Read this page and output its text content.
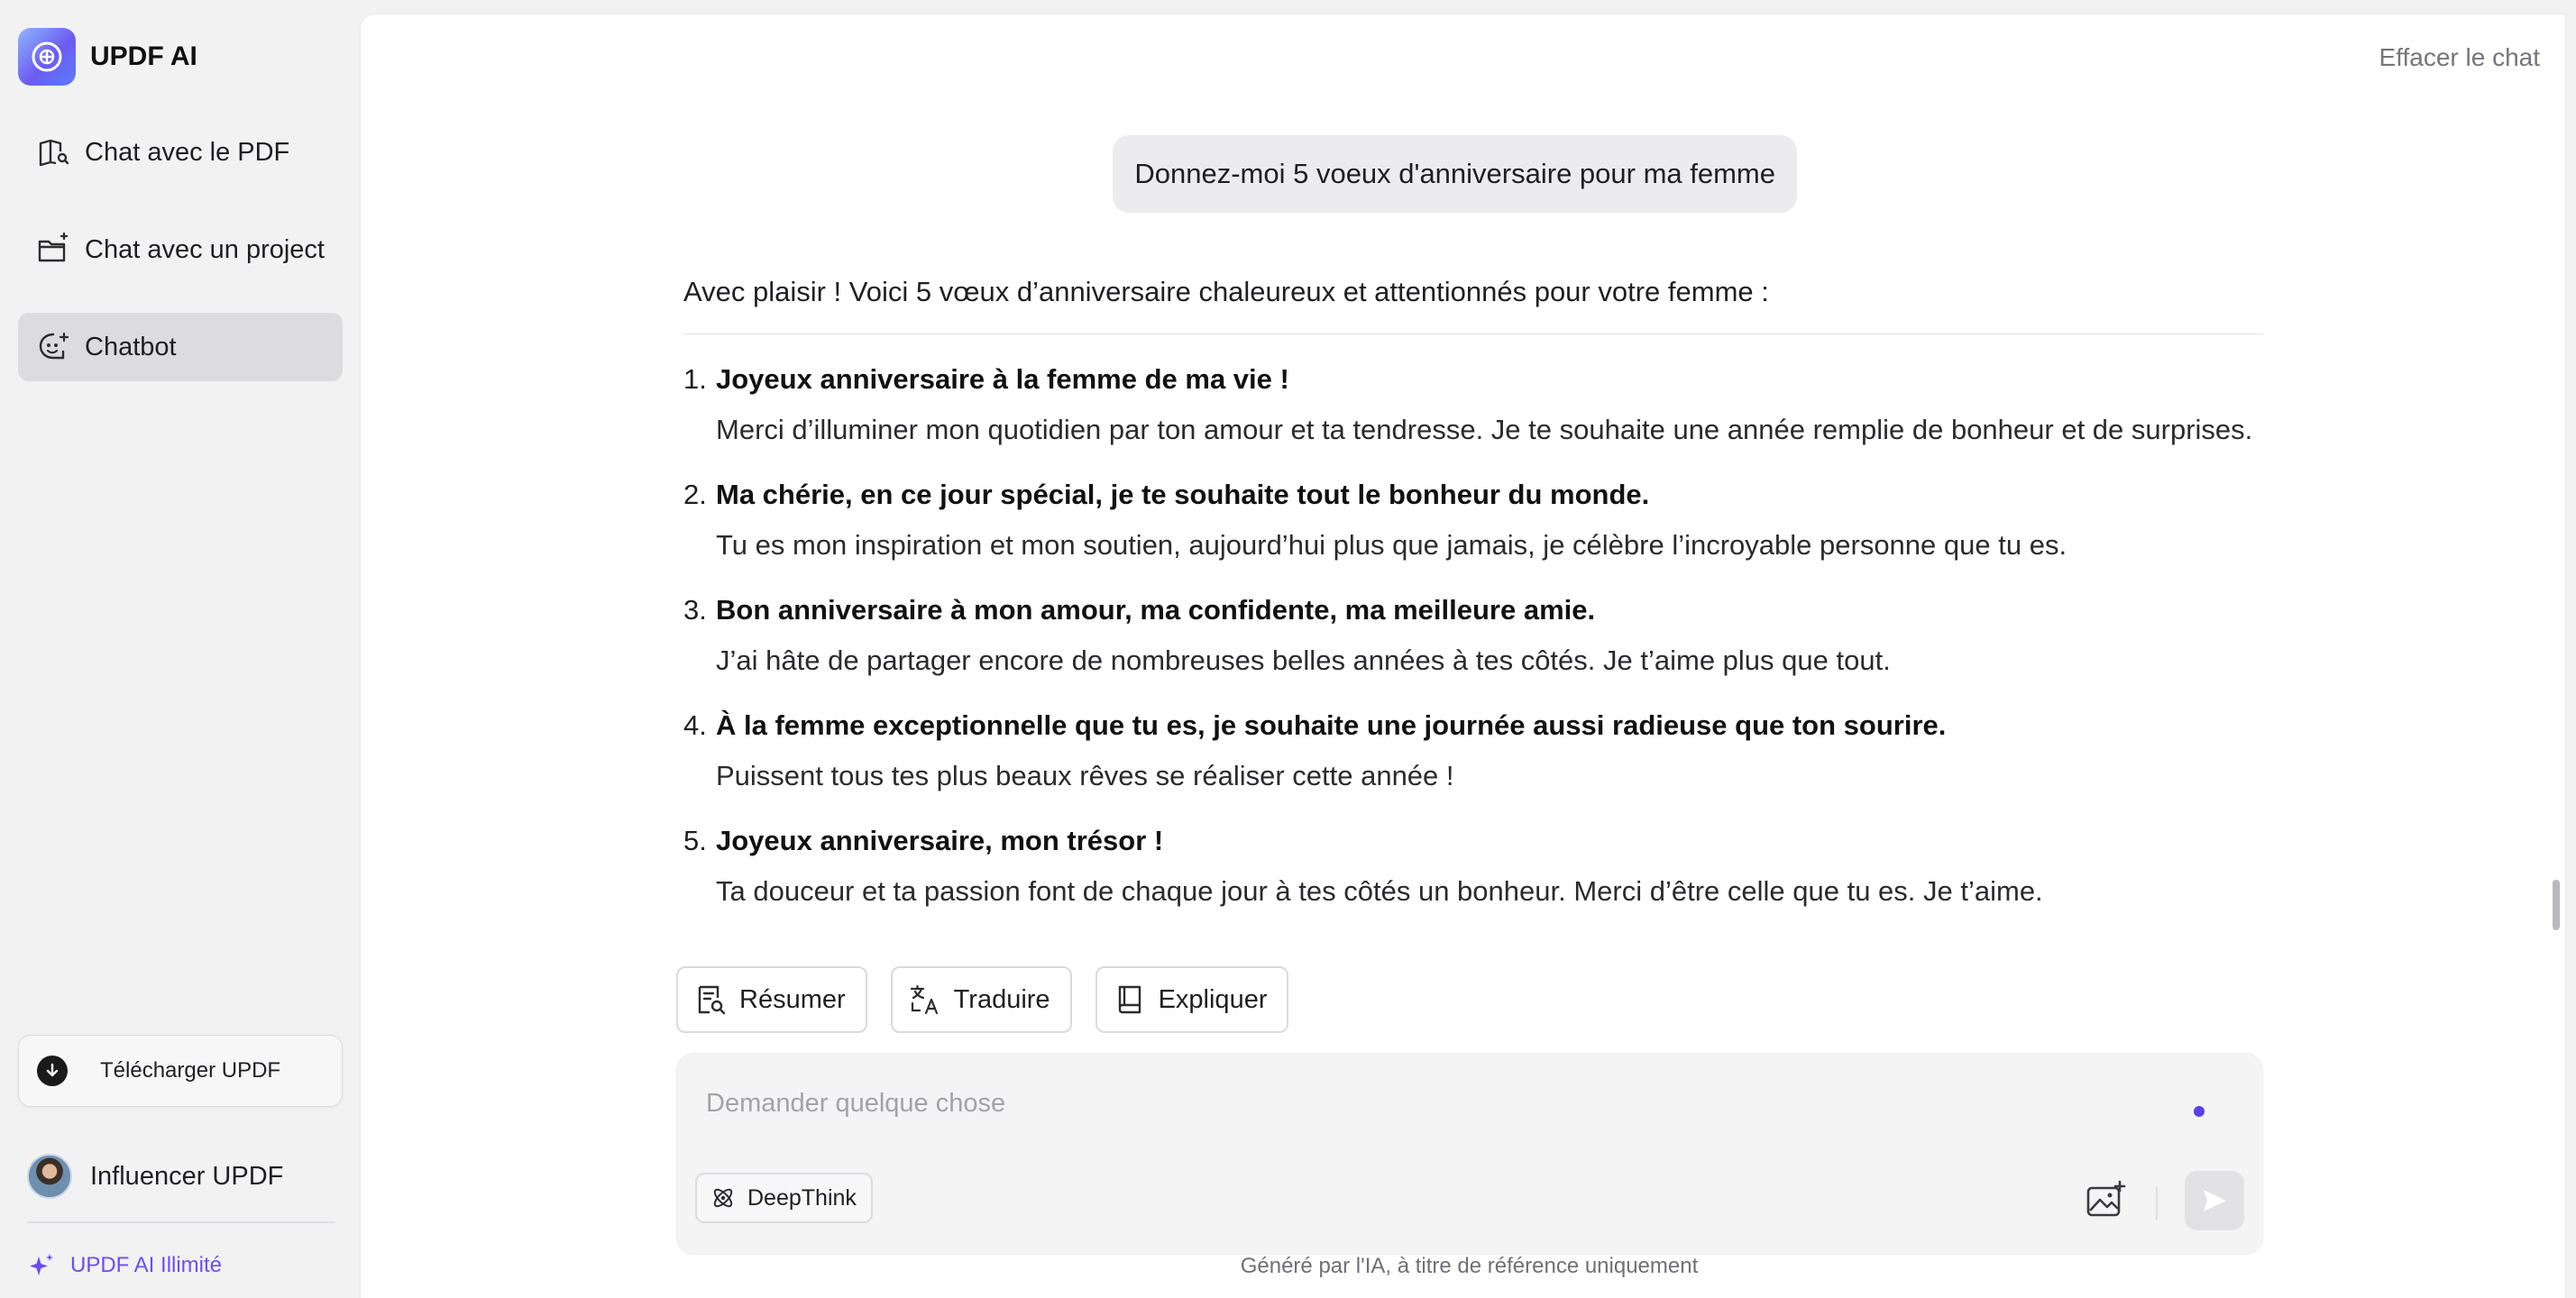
UPDF AI
Chat avec le PDF
Chat avec un project
Chatbot
Télécharger UPDF
Influencer UPDF
UPDF AI Illimité
Effacer le chat
Donnez-moi 5 voeux d'anniversaire pour ma femme

Avec plaisir ! Voici 5 vœux d’anniversaire chaleureux et attentionnés pour votre femme :

1. Joyeux anniversaire à la femme de ma vie !
Merci d’illuminer mon quotidien par ton amour et ta tendresse. Je te souhaite une année remplie de bonheur et de surprises.
2. Ma chérie, en ce jour spécial, je te souhaite tout le bonheur du monde.
Tu es mon inspiration et mon soutien, aujourd’hui plus que jamais, je célèbre l’incroyable personne que tu es.
3. Bon anniversaire à mon amour, ma confidente, ma meilleure amie.
J’ai hâte de partager encore de nombreuses belles années à tes côtés. Je t’aime plus que tout.
4. À la femme exceptionnelle que tu es, je souhaite une journée aussi radieuse que ton sourire.
Puissent tous tes plus beaux rêves se réaliser cette année !
5. Joyeux anniversaire, mon trésor !
Ta douceur et ta passion font de chaque jour à tes côtés un bonheur. Merci d’être celle que tu es. Je t’aime.
Résumer	Traduire	Expliquer
Demander quelque chose
DeepThink
Généré par l'IA, à titre de référence uniquement
